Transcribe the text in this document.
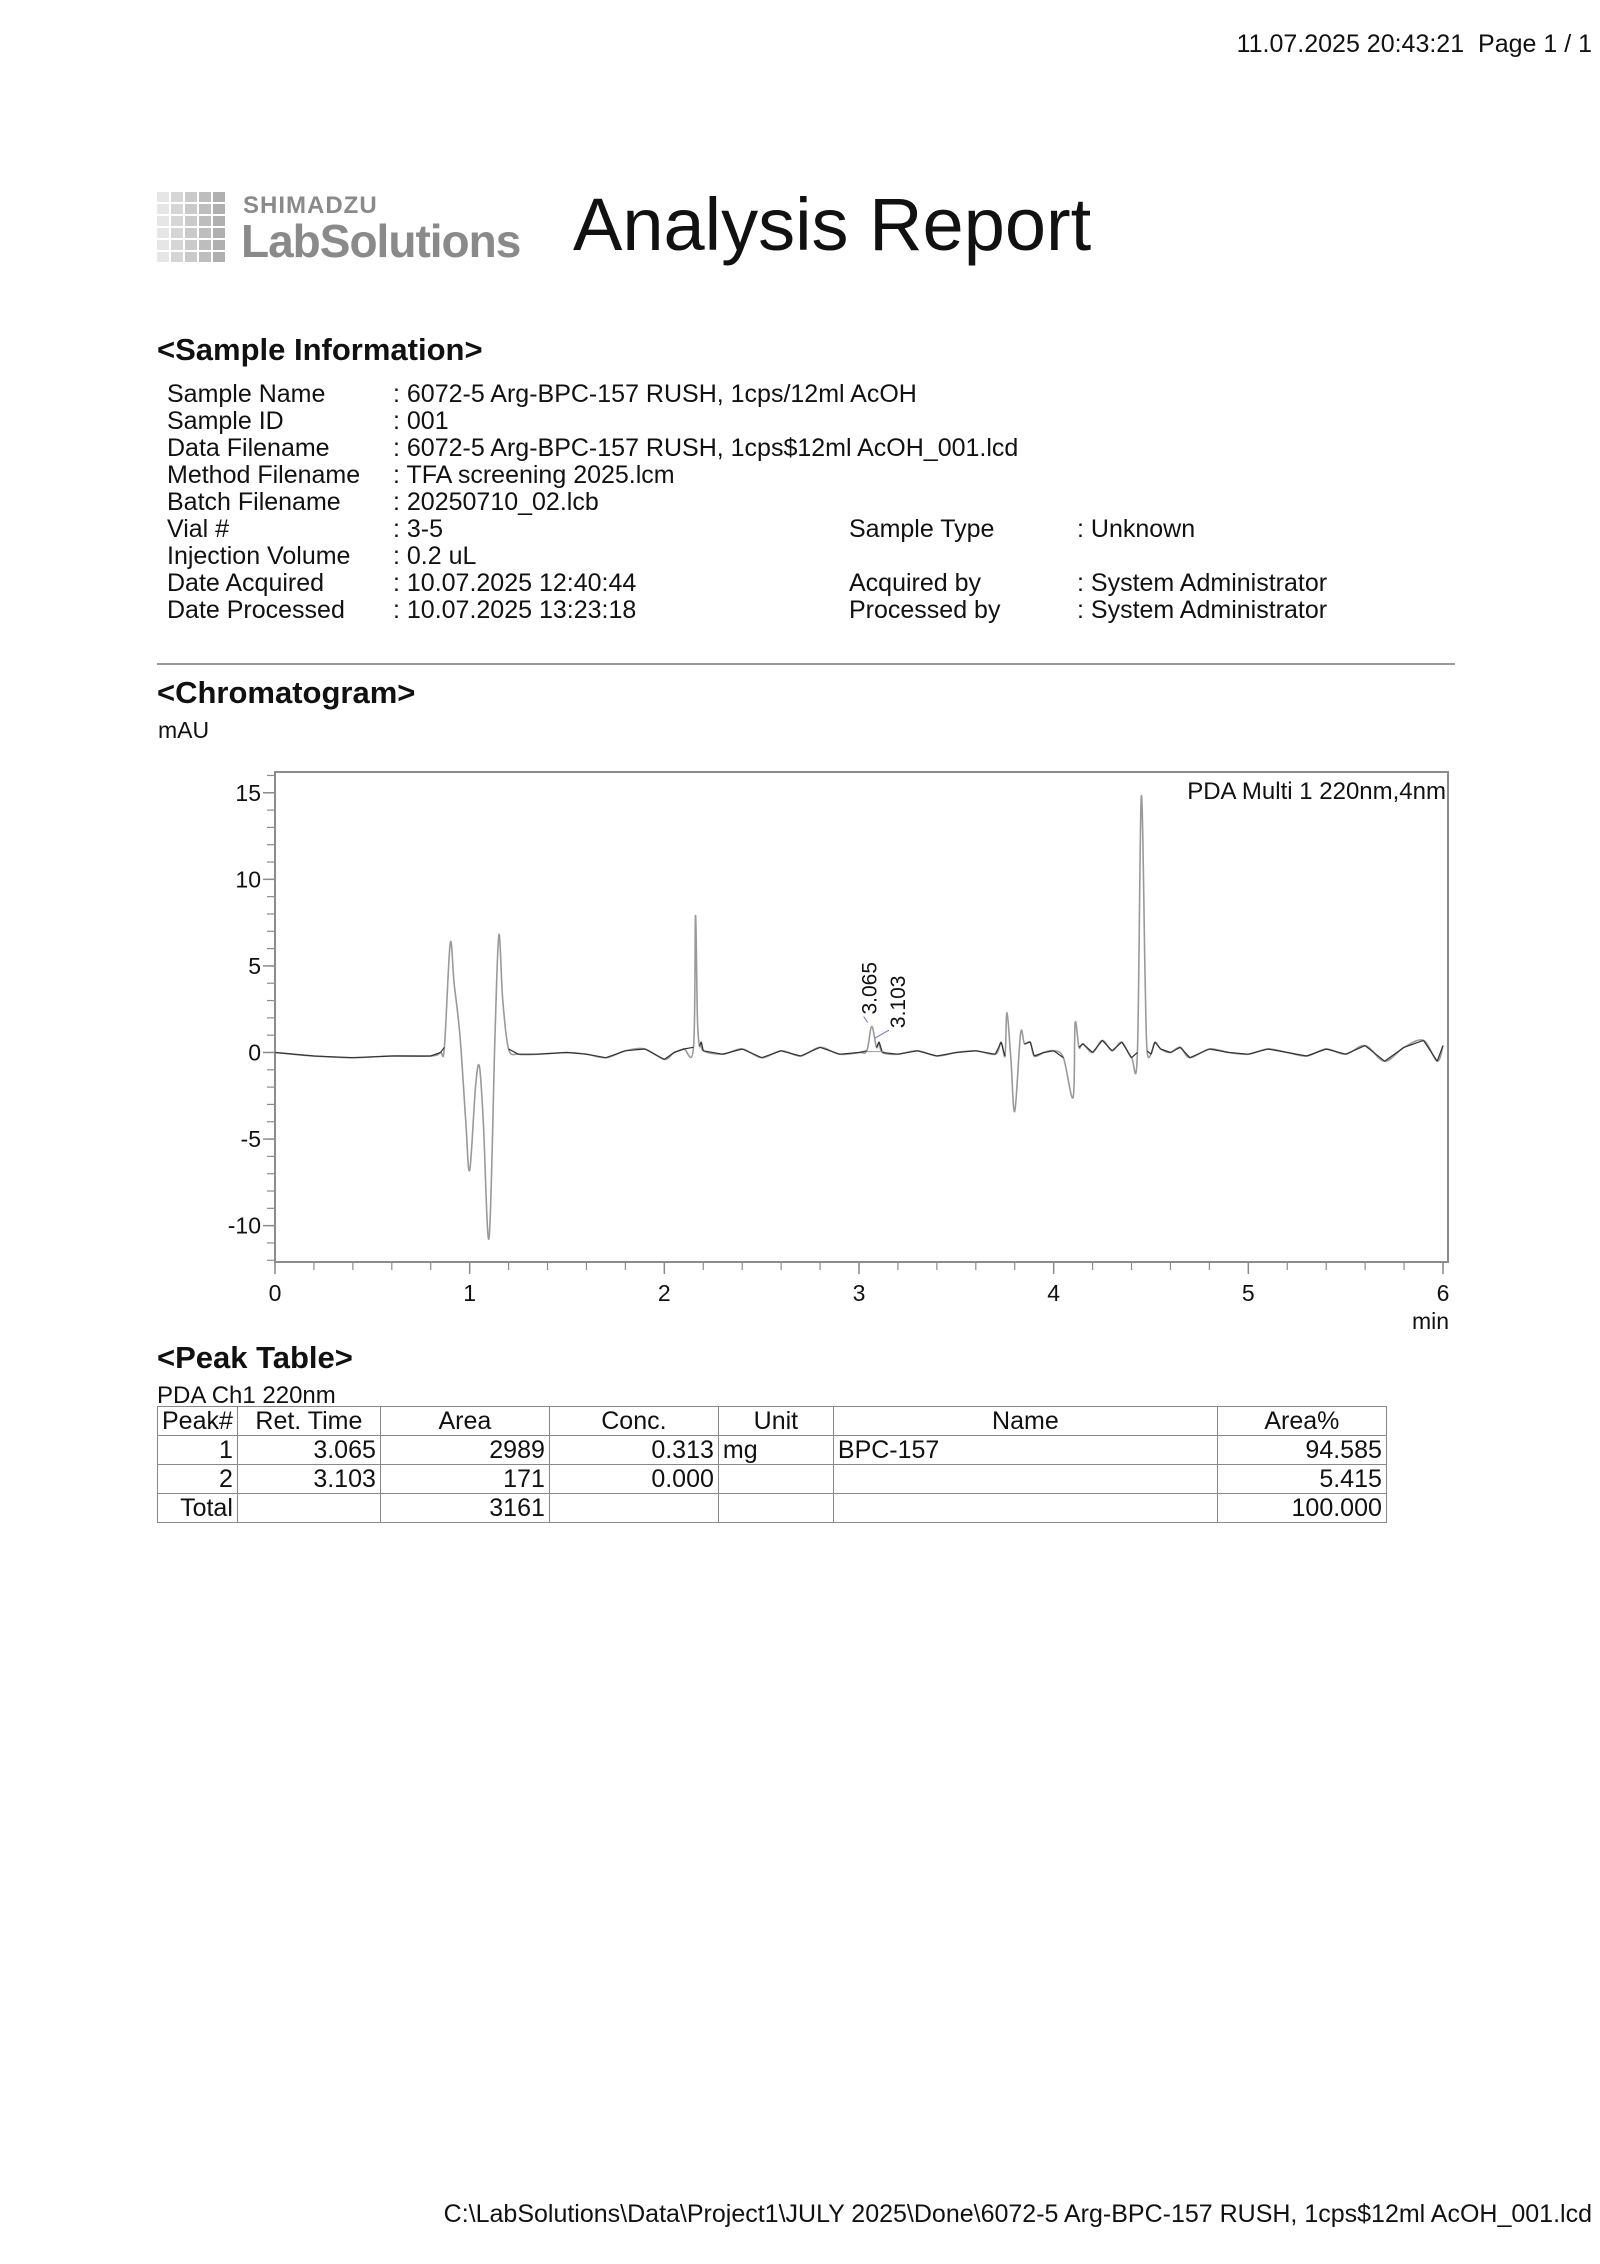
11.07.2025 20:43:21 Page 1 / 1
SHIMADZU
LabSolutions Analysis Report
<Sample Information>
Sample Name	: 6072-5 Arg-BPC-157 RUSH, 1cps/12ml AcOH
Sample ID	: 001
Data Filename	: 6072-5 Arg-BPC-157 RUSH, 1cps$12ml AcOH_001.lcd
Method Filename : TFA screening 2025.lcm
Batch Filename : 20250710_02.lcb
Vial #	: 3-5
Injection Volume : 0.2 uL
Date Acquired	: 10.07.2025 12:40:44
Date Processed : 10.07.2025 13:23:18
Sample Type	: Unknown
Acquired by	: System Administrator
Processed by	: System Administrator
<Chromatogram>
mAU
15
10
5
0
-5
-10
0	1	2	3	4	5	6
3.065 3.103
PDA Multi 1 220nm,4nm
min
<Peak Table>
PDA Ch1 220nm
Peak#	Ret. Time	Area	Conc.	Unit	Name	Area%
1	3.065	2989	0.313	mg	BPC-157	94.585
2	3.103	171	0.000			5.415
Total		3161				100.000
C:\LabSolutions\Data\Project1\JULY 2025\Done\6072-5 Arg-BPC-157 RUSH, 1cps$12ml AcOH_001.lcd
